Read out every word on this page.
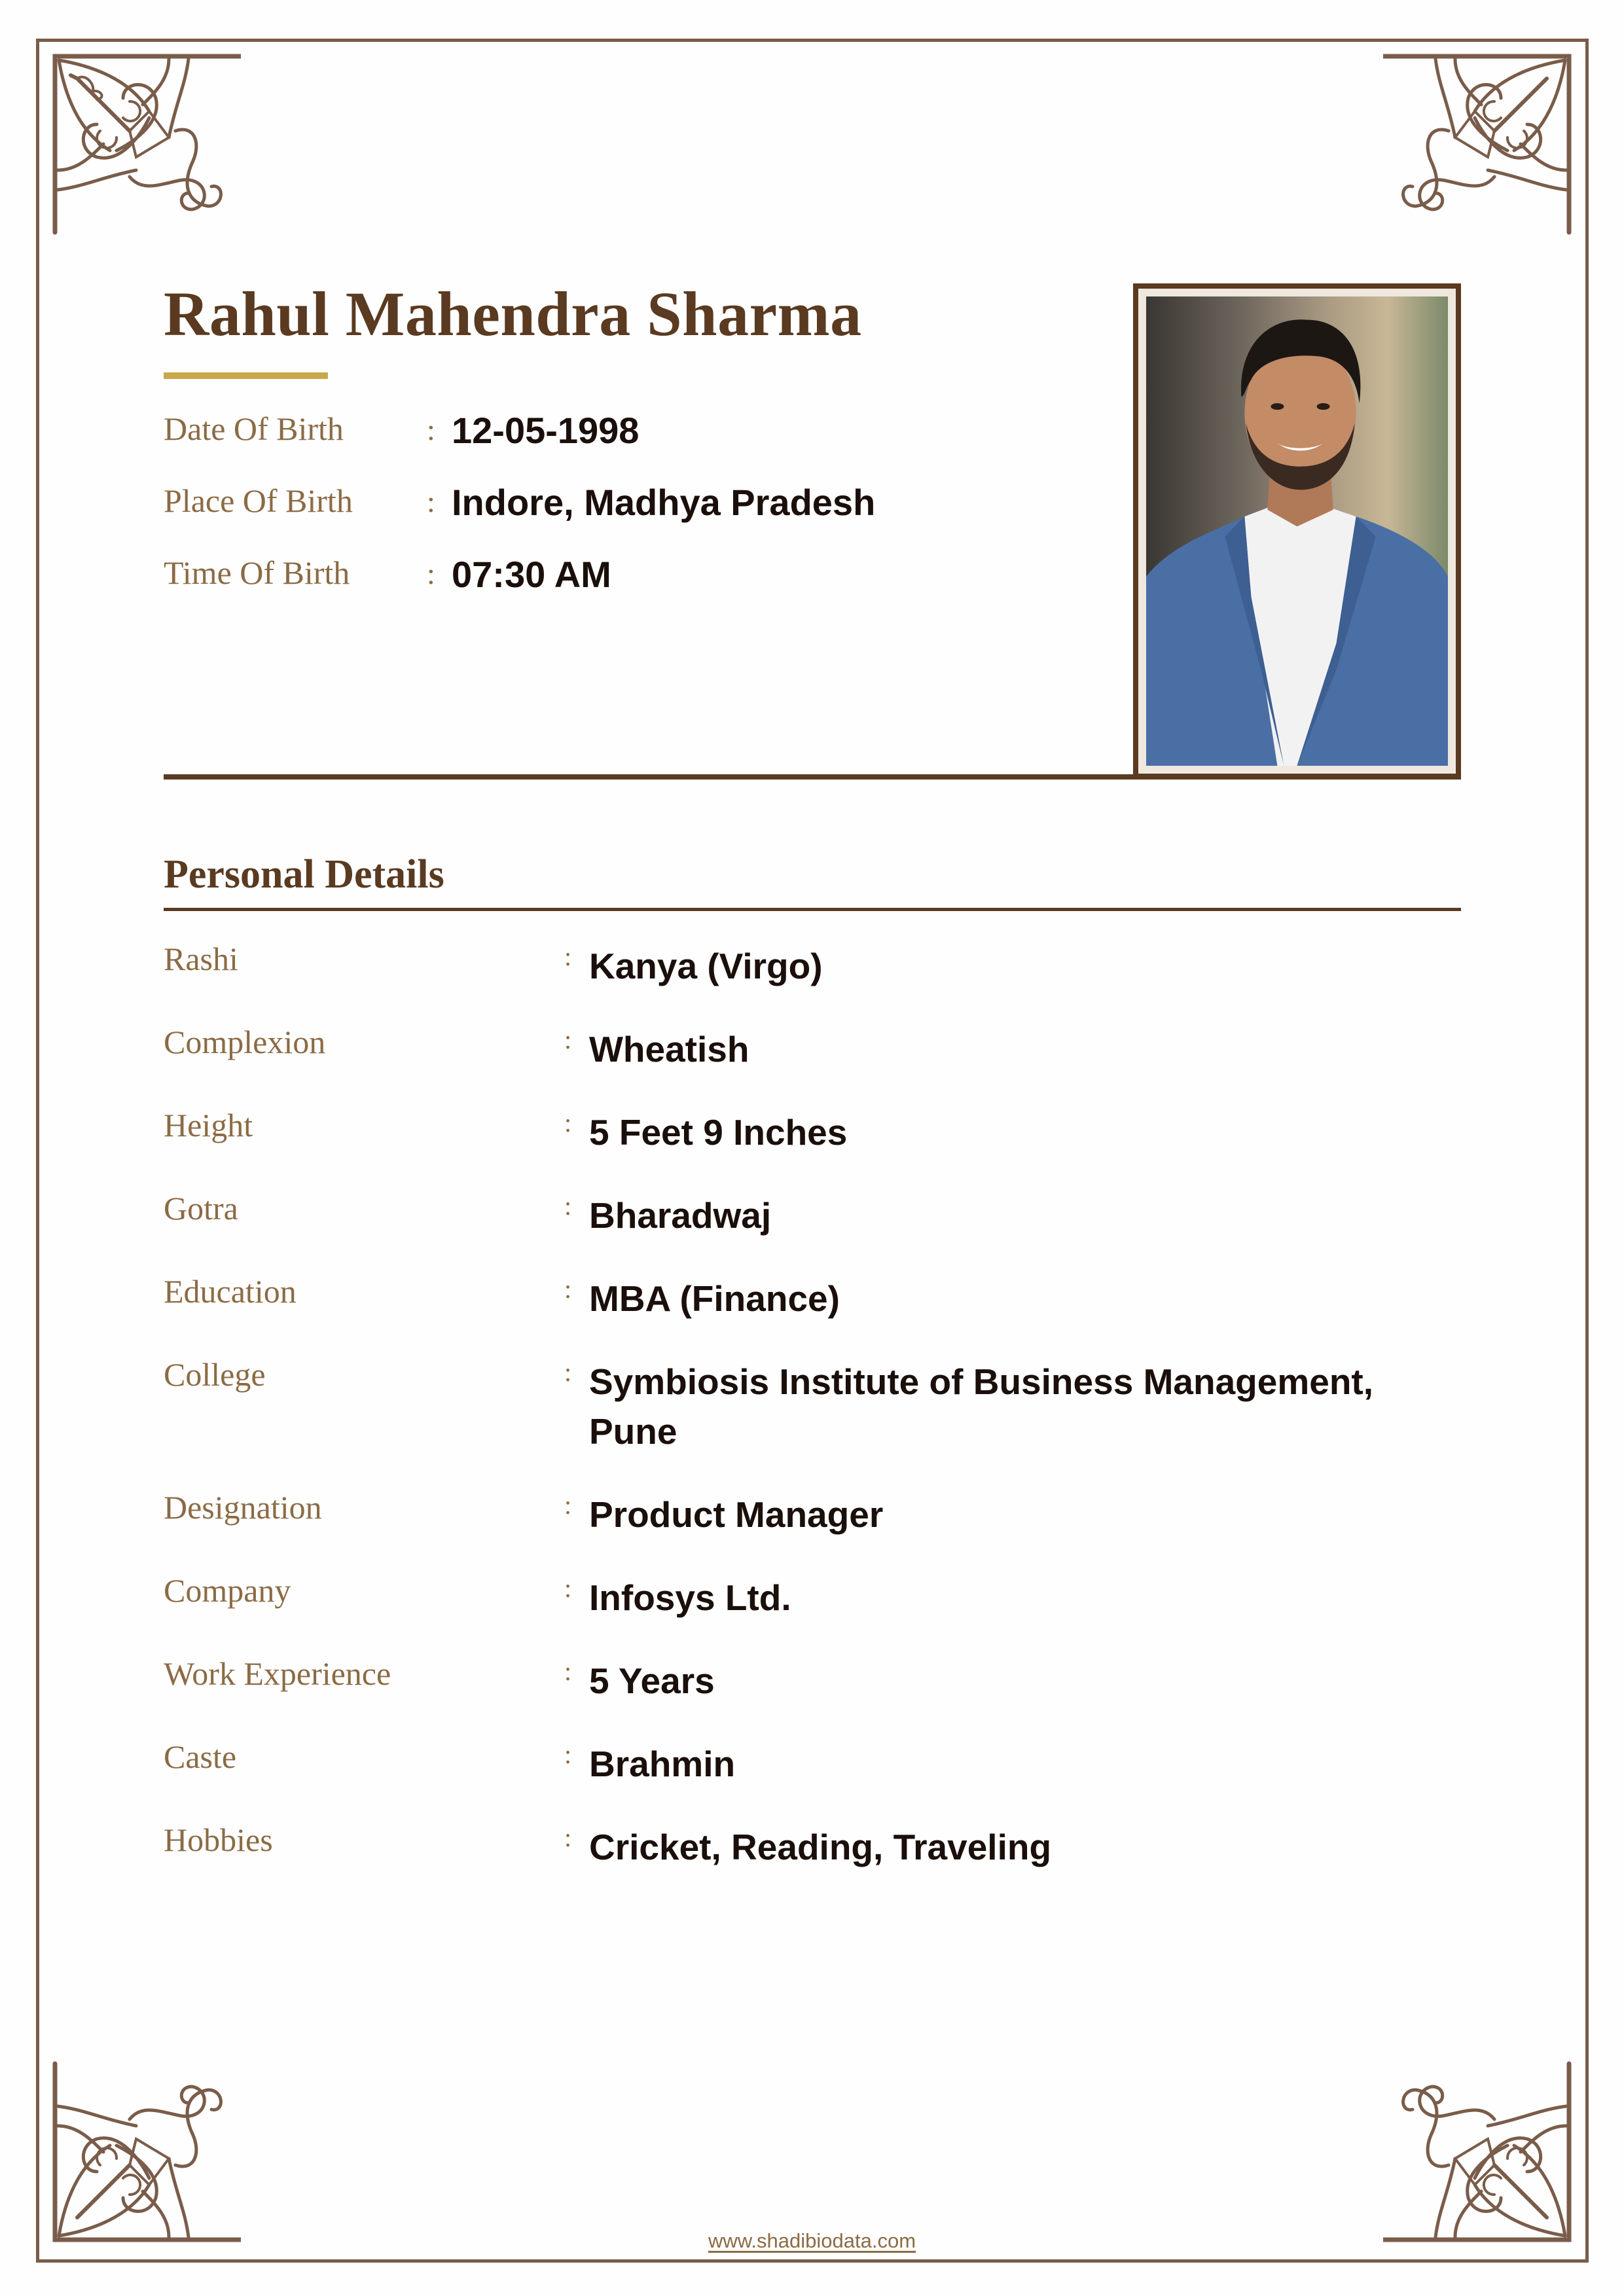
Rahul Mahendra Sharma
Date Of Birth	: 12-05-1998
Place Of Birth : Indore, Madhya Pradesh
Time Of Birth	: 07:30 AM
Personal Details
Rashi	: Kanya (Virgo)
Complexion	: Wheatish
Height	: 5 Feet 9 Inches
Gotra	: Bharadwaj
Education	: MBA (Finance)
College	: Symbiosis Institute of Business Management, Pune
Designation	: Product Manager
Company	: Infosys Ltd.
Work Experience	: 5 Years
Caste	: Brahmin
Hobbies	: Cricket, Reading, Traveling
www.shadibiodata.com
